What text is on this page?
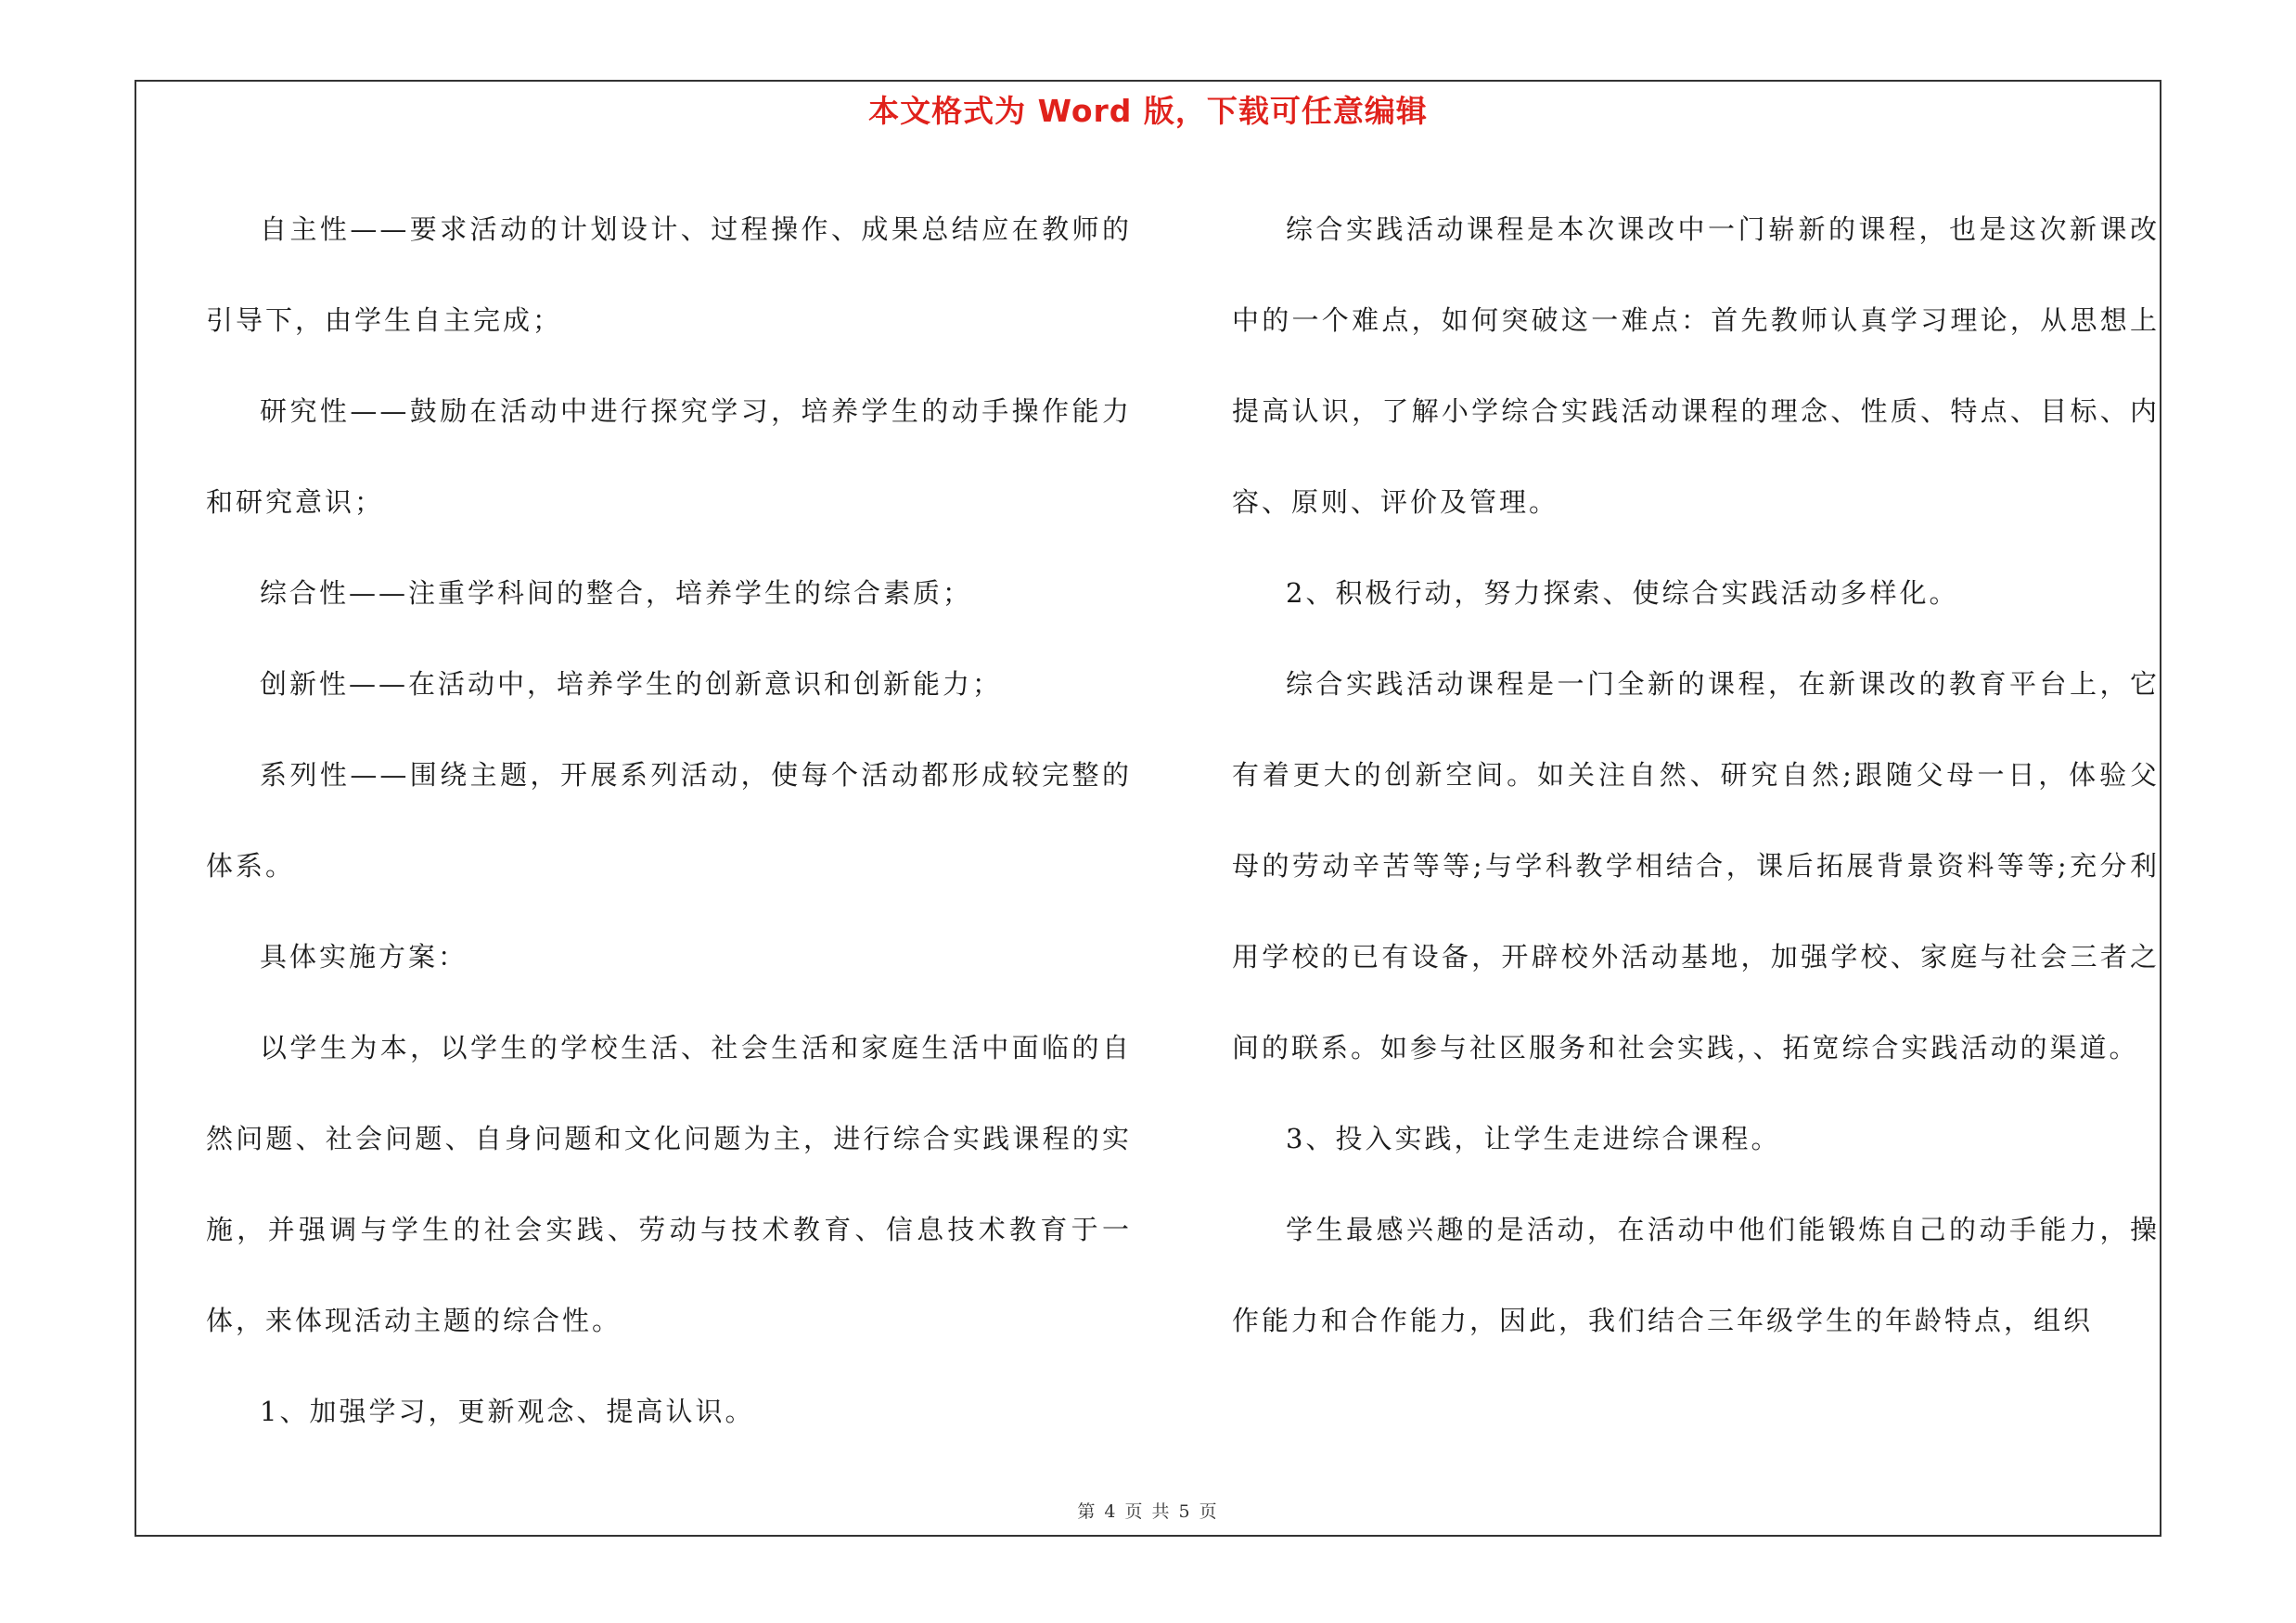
本文格式为 Word 版，下载可任意编辑

自主性——要求活动的计划设计、过程操作、成果总结应在教师的引导下，由学生自主完成；

研究性——鼓励在活动中进行探究学习，培养学生的动手操作能力和研究意识；

综合性——注重学科间的整合，培养学生的综合素质；

创新性——在活动中，培养学生的创新意识和创新能力；

系列性——围绕主题，开展系列活动，使每个活动都形成较完整的体系。

具体实施方案：

以学生为本，以学生的学校生活、社会生活和家庭生活中面临的自然问题、社会问题、自身问题和文化问题为主，进行综合实践课程的实施，并强调与学生的社会实践、劳动与技术教育、信息技术教育于一体，来体现活动主题的综合性。

1、加强学习，更新观念、提高认识。

综合实践活动课程是本次课改中一门崭新的课程，也是这次新课改中的一个难点，如何突破这一难点：首先教师认真学习理论，从思想上提高认识，了解小学综合实践活动课程的理念、性质、特点、目标、内容、原则、评价及管理。

2、积极行动，努力探索、使综合实践活动多样化。

综合实践活动课程是一门全新的课程，在新课改的教育平台上，它有着更大的创新空间。如关注自然、研究自然;跟随父母一日，体验父母的劳动辛苦等等;与学科教学相结合，课后拓展背景资料等等;充分利用学校的已有设备，开辟校外活动基地，加强学校、家庭与社会三者之间的联系。如参与社区服务和社会实践，、拓宽综合实践活动的渠道。

3、投入实践，让学生走进综合课程。

学生最感兴趣的是活动，在活动中他们能锻炼自己的动手能力，操作能力和合作能力，因此，我们结合三年级学生的年龄特点，组织

第 4 页 共 5 页
